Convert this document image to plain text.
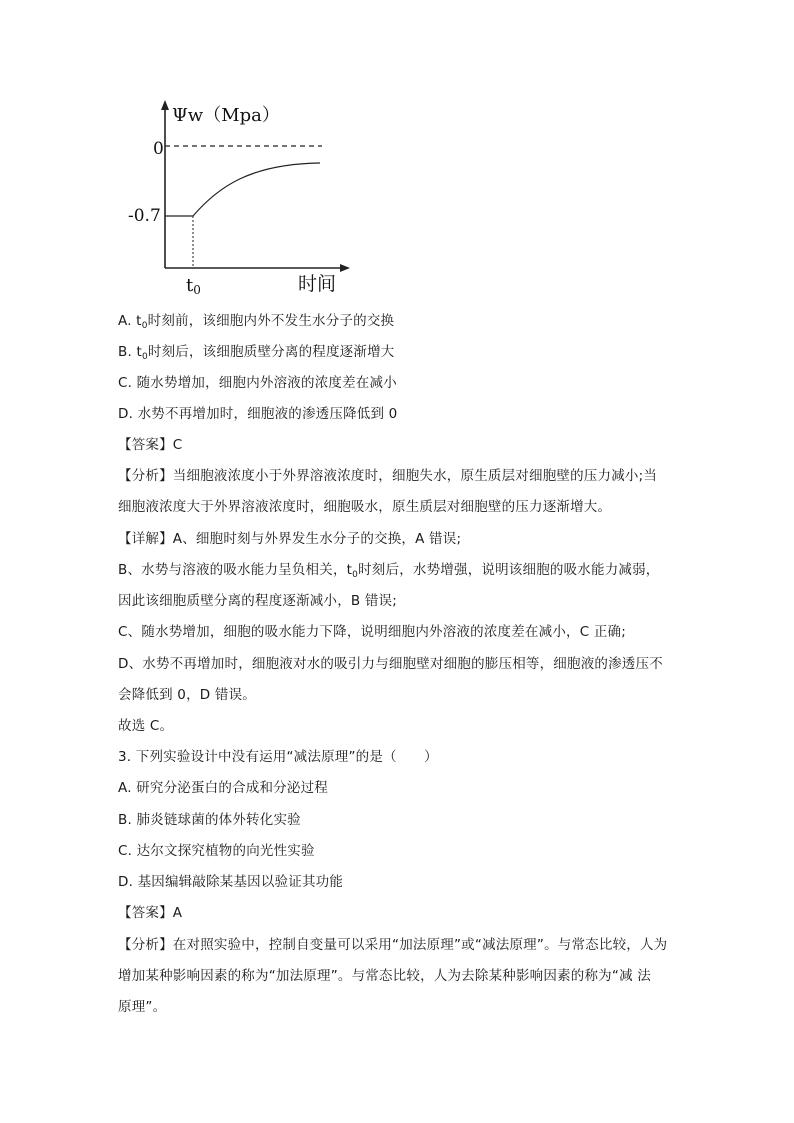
Ψw（Mpa）
0
-0.7
t0	时间
A. $t_0$时刻前，该细胞内外不发生水分子的交换
B. $t_0$时刻后，该细胞质壁分离的程度逐渐增大
C. 随水势增加，细胞内外溶液的浓度差在减小
D. 水势不再增加时，细胞液的渗透压降低到 0
【答案】C
【分析】当细胞液浓度小于外界溶液浓度时，细胞失水，原生质层对细胞壁的压力减小;当
细胞液浓度大于外界溶液浓度时，细胞吸水，原生质层对细胞壁的压力逐渐增大。
【详解】A、细胞时刻与外界发生水分子的交换，A 错误;
B、水势与溶液的吸水能力呈负相关，$t_0$时刻后，水势增强，说明该细胞的吸水能力减弱，
因此该细胞质壁分离的程度逐渐减小，B 错误;
C、随水势增加，细胞的吸水能力下降，说明细胞内外溶液的浓度差在减小，C 正确;
D、水势不再增加时，细胞液对水的吸引力与细胞壁对细胞的膨压相等，细胞液的渗透压不
会降低到 0，D 错误。
故选 C。
3. 下列实验设计中没有运用“减法原理”的是（　　）
A. 研究分泌蛋白的合成和分泌过程
B. 肺炎链球菌的体外转化实验
C. 达尔文探究植物的向光性实验
D. 基因编辑敲除某基因以验证其功能
【答案】A
【分析】在对照实验中，控制自变量可以采用“加法原理”或“减法原理”。与常态比较，人为
增加某种影响因素的称为“加法原理”。与常态比较，人为去除某种影响因素的称为“减 法
原理”。
